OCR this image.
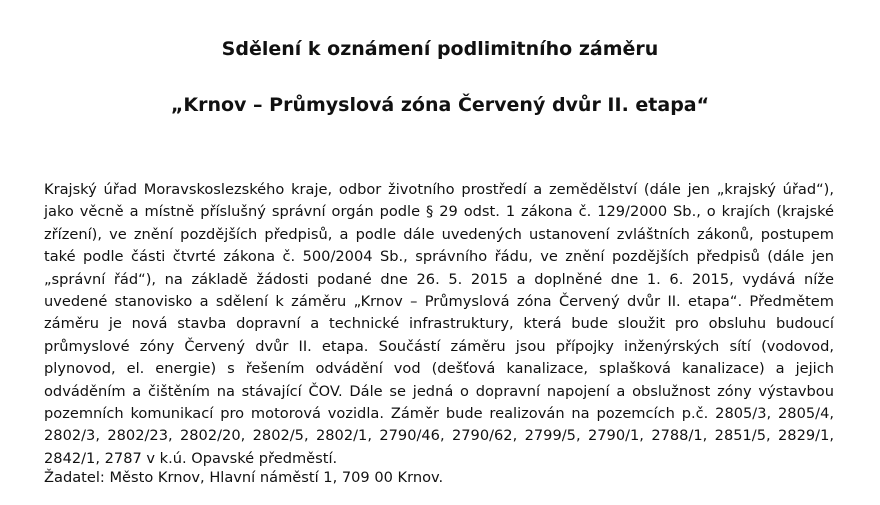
Sdělení k oznámení podlimitního záměru
„Krnov – Průmyslová zóna Červený dvůr II. etapa“

Krajský úřad Moravskoslezského kraje, odbor životního prostředí a zemědělství (dále jen „krajský úřad“), jako věcně a místně příslušný správní orgán podle § 29 odst. 1 zákona č. 129/2000 Sb., o krajích (krajské zřízení), ve znění pozdějších předpisů, a podle dále uvedených ustanovení zvláštních zákonů, postupem také podle části čtvrté zákona č. 500/2004 Sb., správního řádu, ve znění pozdějších předpisů (dále jen „správní řád“), na základě žádosti podané dne 26. 5. 2015 a doplněné dne 1. 6. 2015, vydává níže uvedené stanovisko a sdělení k záměru „Krnov – Průmyslová zóna Červený dvůr II. etapa“. Předmětem záměru je nová stavba dopravní a technické infrastruktury, která bude sloužit pro obsluhu budoucí průmyslové zóny Červený dvůr II. etapa. Součástí záměru jsou přípojky inženýrských sítí (vodovod, plynovod, el. energie) s řešením odvádění vod (dešťová kanalizace, splašková kanalizace) a jejich odváděním a čištěním na stávající ČOV. Dále se jedná o dopravní napojení a obslužnost zóny výstavbou pozemních komunikací pro motorová vozidla. Záměr bude realizován na pozemcích p.č. 2805/3, 2805/4, 2802/3, 2802/23, 2802/20, 2802/5, 2802/1, 2790/46, 2790/62, 2799/5, 2790/1, 2788/1, 2851/5, 2829/1, 2842/1, 2787 v k.ú. Opavské předměstí.

Žadatel: Město Krnov, Hlavní náměstí 1, 709 00 Krnov.
